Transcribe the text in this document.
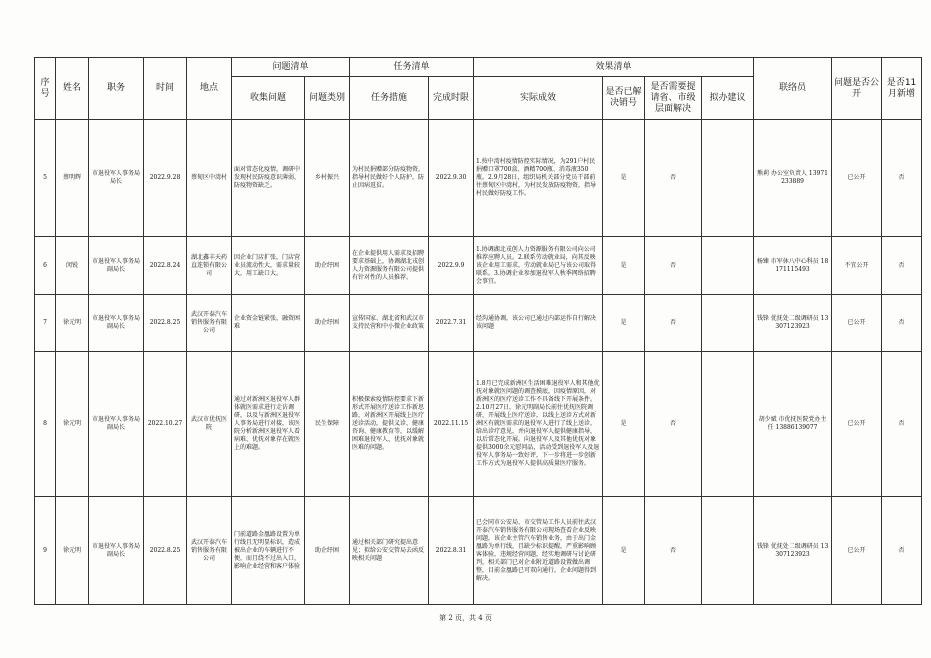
序号	姓名	职务	时间	地点	问题清单		任务清单		效果清单				联络员	问题是否公开	是否11月新增
					收集问题	问题类别	任务措施	完成时限	实际成效	是否已解决销号	是否需要提请省、市级层面解决	拟办建议			
5	蔡明辉	市退役军人事务局局长	2022.9.28	蔡甸区中湾村	面对常态化疫情，调研中发现村民防疫意识薄弱，防疫物资缺乏。	乡村振兴	为村民捐赠部分防疫物资，指导村民做好个人防护，防止因病返贫。	2022.9.30	1.按中湾村疫情防控实际情况，为291户村民捐赠口罩700盒、酒精700瓶、消毒液350瓶。2.9月28日，组织局机关部分党员干部前往蔡甸区中湾村，为村民发放防疫物资，指导村民做好防疫工作。	是	否		熊莉 办公室负责人 13971233889	已公开	否
6	闵锐	市退役军人事务局副局长	2022.8.24	湖北鑫丰天药直连锁有限公司	因企业门店扩张，门店营业员流动性大，需求量较大，用工缺口大。	助企纾困	在企业提供用人需求及招聘要求基础上，协调湖北戎创人力资源服务有限公司提供有针对性的人员推荐。	2022.9.9	1.协调湖北戎创人力资源服务有限公司向公司推荐应聘人员。2.联系劳动就业局，向其反映该企业用工需求，劳动就业局已与该公司取得联系。3.协调企业参加退役军人秋季网络招聘会事宜。	是	否		杨臻 市军休八中心科员 18171115493	不宜公开	否
7	徐元明	市退役军人事务局副局长	2022.8.25	武汉开泰汽车销售服务有限公司	企业资金链紧张，融资困难	助企纾困	宣传国家、湖北省和武汉市支持民营和中小微企业政策	2022.7.31	经沟通协调，该公司已通过内部运作自行解决该问题	是	否		钱锋 优抚处二级调研员 13307123923	已公开	否
8	徐元明	市退役军人事务局副局长	2022.10.27	武汉市优抚医院	通过对新洲区退役军人群体就医需求进行走访调研，以及与新洲区退役军人事务局进行对接，该医院分析新洲区退役军人看病难、优抚对象存在就医上的难题。	民生保障	积极探索疫情防控要求下新形式开展医疗送诊工作新思路，对新洲区开展线上医疗送诊活动，提供义诊、健康咨询、健康教育等，以缓解困难退役军人、优抚对象就医难的问题。	2022.11.15	1.8月已完成新洲区生活困难退役军人和其他优抚对象就医问题的调查摸底，因疫情原因，对新洲区的医疗送诊工作不具备线下开展条件。2.10月27日，徐元明副局长前往优抚医院调研，开展线上医疗送诊，以线上送诊方式对新洲区有就医需求的退役军人进行了线上送诊，给出诊疗意见，并向退役军人提供健康指导，以后常态化开展。向退役军人及其他优抚对象提供3000余元慰问品，活动受到退役军人及退役军人事务局一致好评，下一步将进一步创新工作方式为退役军人提供高质量医疗服务。	是	否		胡少斌 市优抚医院党办主任 13886139077	已公开	否
9	徐元明	市退役军人事务局副局长	2022.8.25	武汉开泰汽车销售服务有限公司	门前道路金凰路设置为单行线且无明显标识，造成被出企业的车辆进行不便，而且绕不过出入口，影响企业经营和客户体验	助企纾困	通过相关部门研究提出意见；拟给公安交管局去函反映相关问题	2022.8.31	已会同市公安局、市交管局工作人员前往武汉开泰汽车销售服务有限公司现场查看企业反映问题，该企业主管汽车销售业务，由于出门金凰路为单行线，且缺少标识提醒，严重影响顾客体验，违规经营问题，经实地调研与讨论研判，相关部门已对企业附近道路设置做出调整，目前金凰路已可双向通行，企业问题得到解决。	是	否		钱锋 优抚处二级调研员 13307123923	已公开	否
第 2 页，共 4 页
